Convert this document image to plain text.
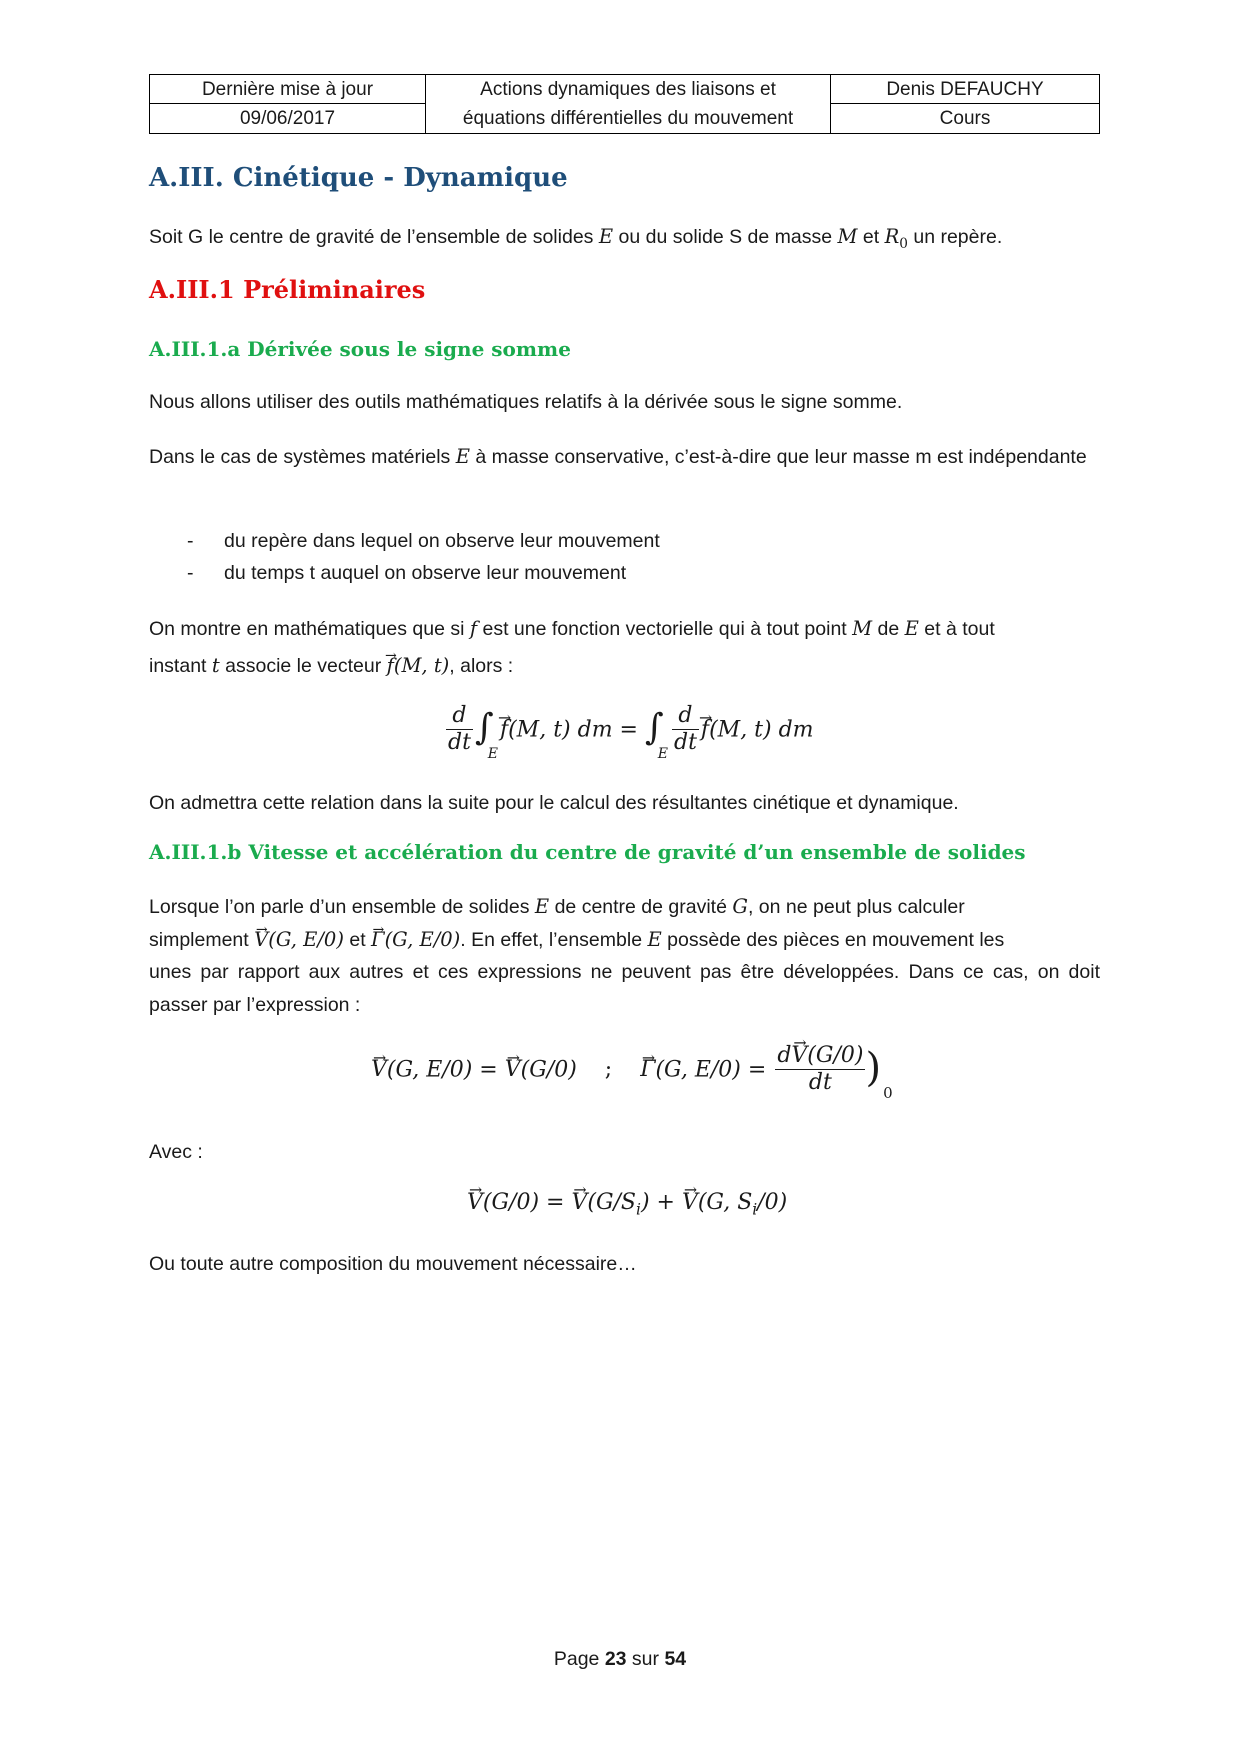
Dernière mise à jour
09/06/2017
Actions dynamiques des liaisons et
équations différentielles du mouvement
Denis DEFAUCHY
Cours
A.III. Cinétique - Dynamique
Soit G le centre de gravité de l’ensemble de solides E ou du solide S de masse M et $R_0$ un repère.
A.III.1 Préliminaires
A.III.1.a Dérivée sous le signe somme
Nous allons utiliser des outils mathématiques relatifs à la dérivée sous le signe somme.
Dans le cas de systèmes matériels E à masse conservative, c’est-à-dire que leur masse m est indépendante
- du repère dans lequel on observe leur mouvement
- du temps t auquel on observe leur mouvement
On montre en mathématiques que si f est une fonction vectorielle qui à tout point M de E et à tout
instant t associe le vecteur → f(M, t), alors :
$\frac{d}{dt} \int_E\to f(M$, t) dm = $\int_E \frac{d}{dt}$
→ f(M, t) dm
On admettra cette relation dans la suite pour le calcul des résultantes cinétique et dynamique.
A.III.1.b Vitesse et accélération du centre de gravité d’un ensemble de solides
Lorsque l’on parle d’un ensemble de solides E de centre de gravité G, on ne peut plus calculer
simplement → V(G, E/0) et → Γ(G, E/0). En effet, l’ensemble E possède des pièces en mouvement les
unes par rapport aux autres et ces expressions ne peuvent pas être développées. Dans ce cas, on doit
passer par l’expression :
→ V(G, E/0) = → V(G/0) ;→ Γ(G, $E/0) = \frac{d\to V(G/0)}{dt} )_0$
Avec :
→ V(G/0) = → $V(G/S_i)$ + → V(G, $S_i/0$)
Ou toute autre composition du mouvement nécessaire…
Page 23 sur 54
